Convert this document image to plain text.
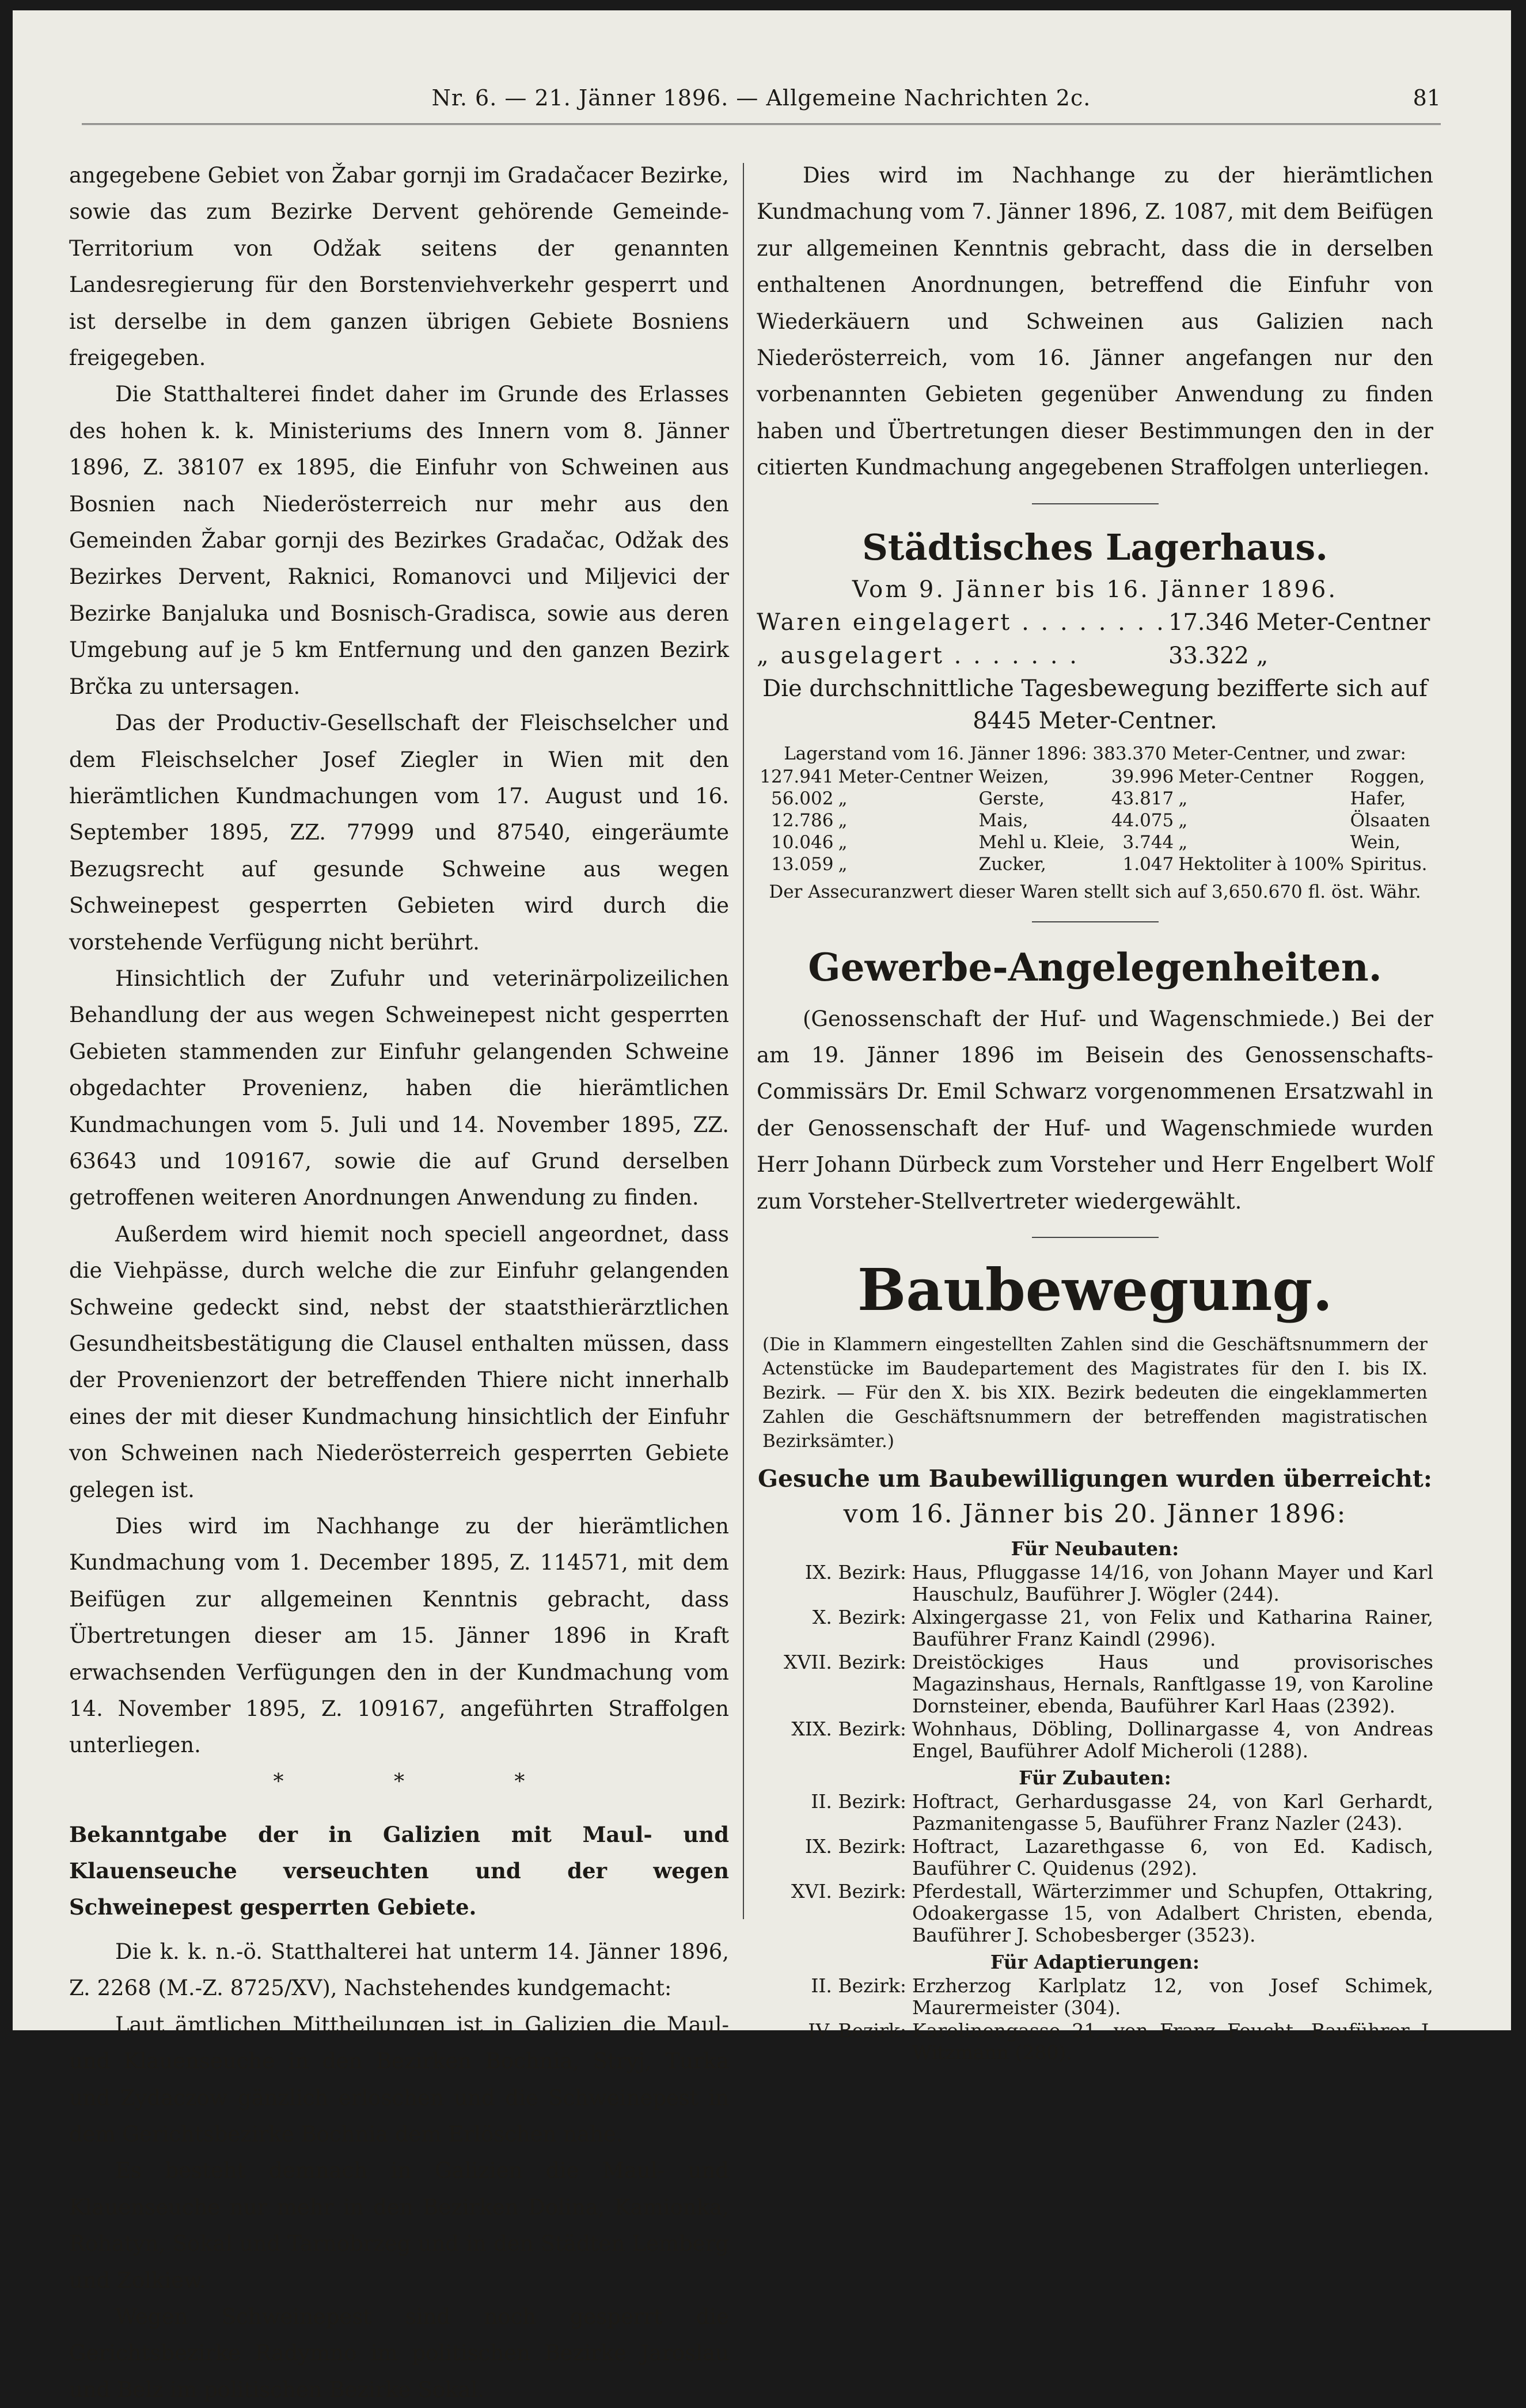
Nr. 6. — 21. Jänner 1896. — Allgemeine Nachrichten 2c.	81

angegebene Gebiet von Žabar gornji im Gradačacer Bezirke, sowie das zum Bezirke Dervent gehörende Gemeinde-Territorium von Odžak seitens der genannten Landesregierung für den Borstenviehverkehr gesperrt und ist derselbe in dem ganzen übrigen Gebiete Bosniens freigegeben.

Die Statthalterei findet daher im Grunde des Erlasses des hohen k. k. Ministeriums des Innern vom 8. Jänner 1896, Z. 38107 ex 1895, die Einfuhr von Schweinen aus Bosnien nach Niederösterreich nur mehr aus den Gemeinden Žabar gornji des Bezirkes Gradačac, Odžak des Bezirkes Dervent, Raknici, Romanovci und Miljevici der Bezirke Banjaluka und Bosnisch-Gradisca, sowie aus deren Umgebung auf je 5 km Entfernung und den ganzen Bezirk Brčka zu untersagen.

Das der Productiv-Gesellschaft der Fleischselcher und dem Fleischselcher Josef Ziegler in Wien mit den hierämtlichen Kundmachungen vom 17. August und 16. September 1895, ZZ. 77999 und 87540, eingeräumte Bezugsrecht auf gesunde Schweine aus wegen Schweinepest gesperrten Gebieten wird durch die vorstehende Verfügung nicht berührt.

Hinsichtlich der Zufuhr und veterinärpolizeilichen Behandlung der aus wegen Schweinepest nicht gesperrten Gebieten stammenden zur Einfuhr gelangenden Schweine obgedachter Provenienz, haben die hierämtlichen Kundmachungen vom 5. Juli und 14. November 1895, ZZ. 63643 und 109167, sowie die auf Grund derselben getroffenen weiteren Anordnungen Anwendung zu finden.

Außerdem wird hiemit noch speciell angeordnet, dass die Viehpässe, durch welche die zur Einfuhr gelangenden Schweine gedeckt sind, nebst der staatsthierärztlichen Gesundheitsbestätigung die Clausel enthalten müssen, dass der Provenienzort der betreffenden Thiere nicht innerhalb eines der mit dieser Kundmachung hinsichtlich der Einfuhr von Schweinen nach Niederösterreich gesperrten Gebiete gelegen ist.

Dies wird im Nachhange zu der hierämtlichen Kundmachung vom 1. December 1895, Z. 114571, mit dem Beifügen zur allgemeinen Kenntnis gebracht, dass Übertretungen dieser am 15. Jänner 1896 in Kraft erwachsenden Verfügungen den in der Kundmachung vom 14. November 1895, Z. 109167, angeführten Straffolgen unterliegen.

* * *

Bekanntgabe der in Galizien mit Maul- und Klauenseuche verseuchten und der wegen Schweinepest gesperrten Gebiete.

Die k. k. n.-ö. Statthalterei hat unterm 14. Jänner 1896, Z. 2268 (M.-Z. 8725/XV), Nachstehendes kundgemacht:

Laut ämtlichen Mittheilungen ist in Galizien die Maul- und Klauenseuche in den Bezirken Bochnia, Stryj, Turka und Zydaczow gänzlich erloschen und die Schweinepest in dem Gerichtsbezirke Bochnia dem Erlöschen nahe.

Es besteht demnach in Galizien die Maul- und Klauenseuche nur mehr in den Bezirken Dolina, Kamionka, Rohatyn, Sokal und Tarnobrzeg und in den Städten Lemberg und Zolkiew.

Wegen Schweinepest sind noch gesperrt die Gerichtsbezirke Radymno im politischen Bezirke Jaroslau und Belz im politischen Bezirke Sokal.

Dies wird im Nachhange zu der hierämtlichen Kundmachung vom 7. Jänner 1896, Z. 1087, mit dem Beifügen zur allgemeinen Kenntnis gebracht, dass die in derselben enthaltenen Anordnungen, betreffend die Einfuhr von Wiederkäuern und Schweinen aus Galizien nach Niederösterreich, vom 16. Jänner angefangen nur den vorbenannten Gebieten gegenüber Anwendung zu finden haben und Übertretungen dieser Bestimmungen den in der citierten Kundmachung angegebenen Straffolgen unterliegen.

Städtisches Lagerhaus.
Vom 9. Jänner bis 16. Jänner 1896.
Waren eingelagert . . . . . . . . 17.346 Meter-Centner
„ ausgelagert . . . . . . .	33.322 „
Die durchschnittliche Tagesbewegung bezifferte sich auf
8445 Meter-Centner.
Lagerstand vom 16. Jänner 1896: 383.370 Meter-Centner, und zwar:
127.941	Meter-Centner	Weizen,	39.996	Meter-Centner	Roggen,
56.002	„	Gerste,	43.817	„	Hafer,
12.786	„	Mais,	44.075	„	Ölsaaten
10.046	„	Mehl u. Kleie,	3.744	„	Wein,
13.059	„	Zucker,	1.047	Hektoliter à 100%	Spiritus.
Der Assecuranzwert dieser Waren stellt sich auf 3,650.670 fl. öst. Währ.
Gewerbe-Angelegenheiten.

(Genossenschaft der Huf- und Wagenschmiede.) Bei der am 19. Jänner 1896 im Beisein des Genossenschafts-Commissärs Dr. Emil Schwarz vorgenommenen Ersatzwahl in der Genossenschaft der Huf- und Wagenschmiede wurden Herr Johann Dürbeck zum Vorsteher und Herr Engelbert Wolf zum Vorsteher-Stellvertreter wiedergewählt.

Baubewegung.

(Die in Klammern eingestellten Zahlen sind die Geschäftsnummern der Actenstücke im Baudepartement des Magistrates für den I. bis IX. Bezirk. — Für den X. bis XIX. Bezirk bedeuten die eingeklammerten Zahlen die Geschäftsnummern der betreffenden magistratischen Bezirksämter.)

Gesuche um Baubewilligungen wurden überreicht:
vom 16. Jänner bis 20. Jänner 1896:
Für Neubauten:
IX. Bezirk: Haus, Pfluggasse 14/16, von Johann Mayer und Karl Hauschulz, Bauführer J. Wögler (244).
X. Bezirk: Alxingergasse 21, von Felix und Katharina Rainer, Bauführer Franz Kaindl (2996).
XVII. Bezirk: Dreistöckiges Haus und provisorisches Magazinshaus, Hernals, Ranftlgasse 19, von Karoline Dornsteiner, ebenda, Bauführer Karl Haas (2392).
XIX. Bezirk: Wohnhaus, Döbling, Dollinargasse 4, von Andreas Engel, Bauführer Adolf Micheroli (1288).
Für Zubauten:
II. Bezirk: Hoftract, Gerhardusgasse 24, von Karl Gerhardt, Pazmanitengasse 5, Bauführer Franz Nazler (243).
IX. Bezirk: Hoftract, Lazarethgasse 6, von Ed. Kadisch, Bauführer C. Quidenus (292).
XVI. Bezirk: Pferdestall, Wärterzimmer und Schupfen, Ottakring, Odoakergasse 15, von Adalbert Christen, ebenda, Bauführer J. Schobesberger (3523).
Für Adaptierungen:
II. Bezirk: Erzherzog Karlplatz 12, von Josef Schimek, Maurermeister (304).
IV. Bezirk: Karolinengasse 21, von Franz Feucht, Bauführer J. Witzmann (280).
